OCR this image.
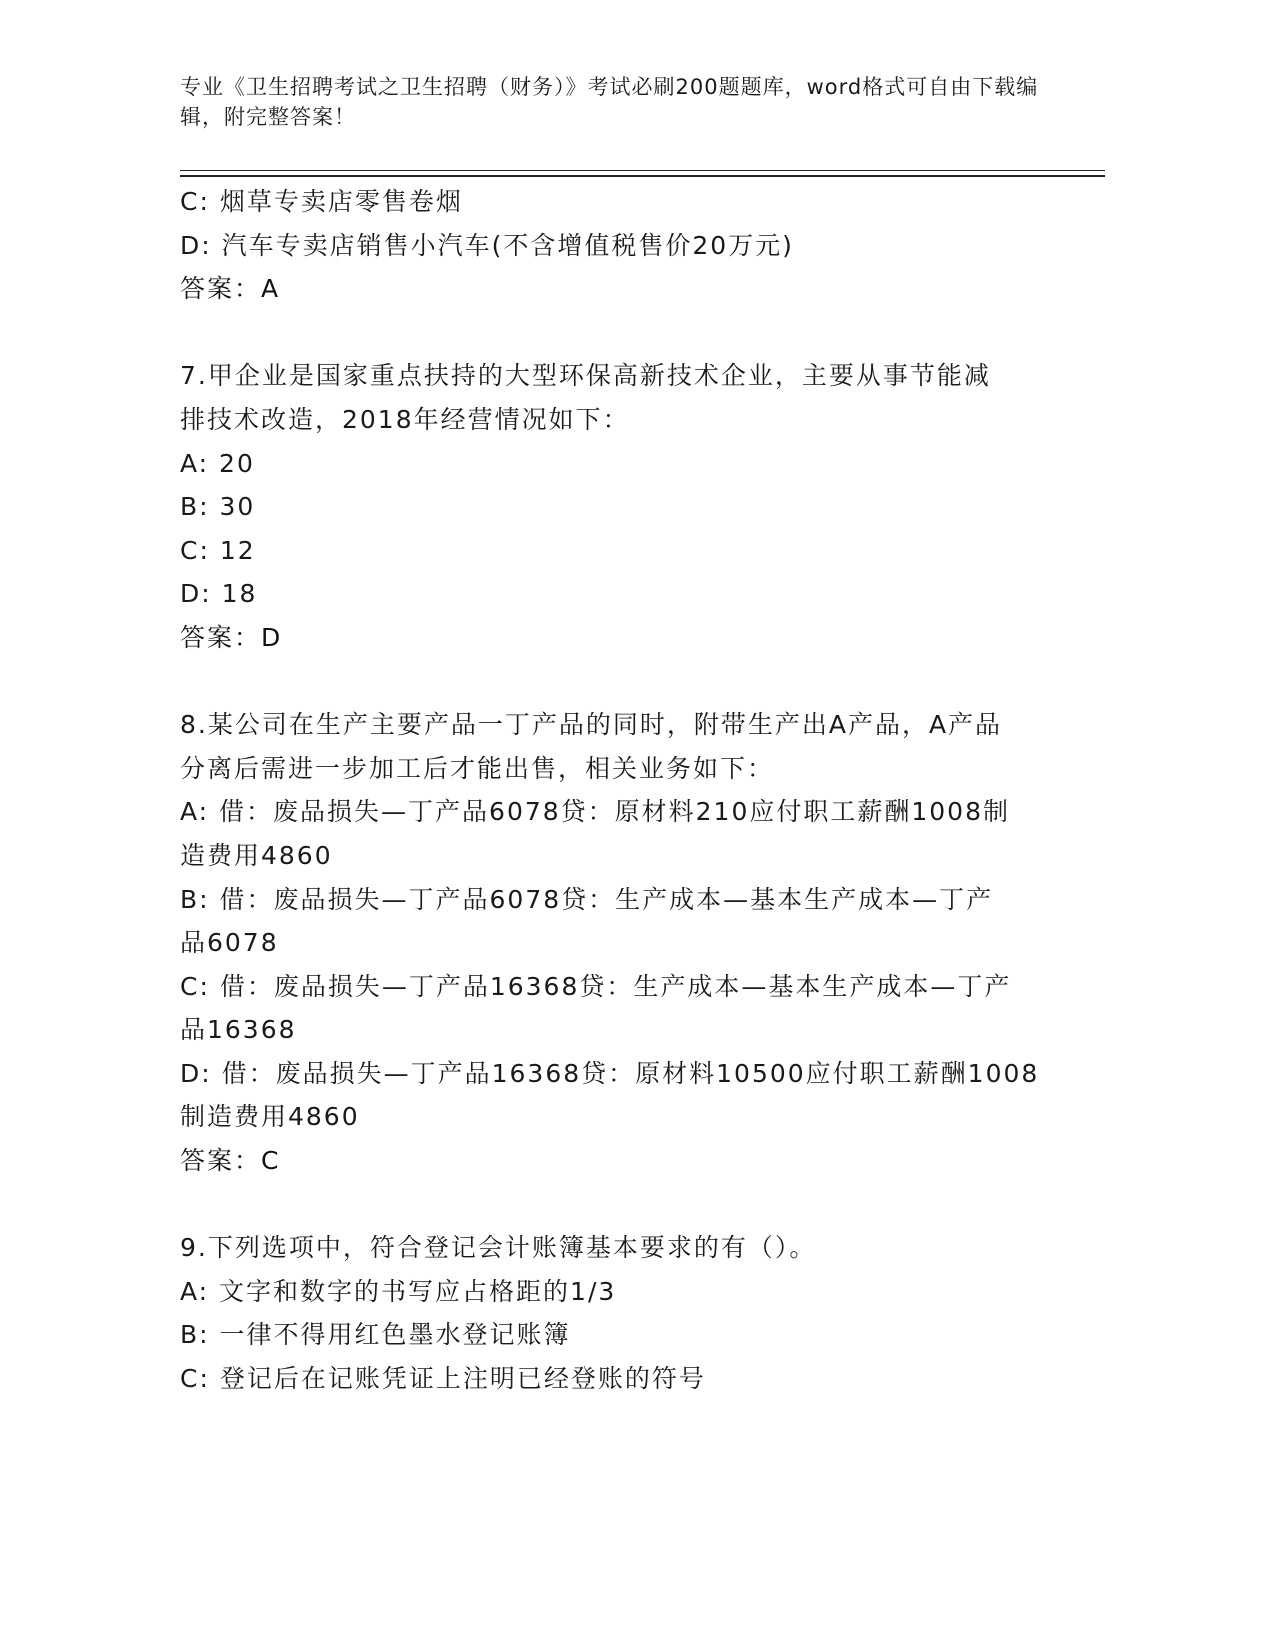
专业《卫生招聘考试之卫生招聘（财务）》考试必刷200题题库，word格式可自由下载编辑，附完整答案！
C: 烟草专卖店零售卷烟
D: 汽车专卖店销售小汽车(不含增值税售价20万元)
答案：A
7.甲企业是国家重点扶持的大型环保高新技术企业，主要从事节能减
排技术改造，2018年经营情况如下：
A: 20
B: 30
C: 12
D: 18
答案：D
8.某公司在生产主要产品一丁产品的同时，附带生产出A产品，A产品
分离后需进一步加工后才能出售，相关业务如下：
A: 借：废品损失—丁产品6078贷：原材料210应付职工薪酬1008制
造费用4860
B: 借：废品损失—丁产品6078贷：生产成本—基本生产成本—丁产
品6078
C: 借：废品损失—丁产品16368贷：生产成本—基本生产成本—丁产
品16368
D: 借：废品损失—丁产品16368贷：原材料10500应付职工薪酬1008
制造费用4860
答案：C
9.下列选项中，符合登记会计账簿基本要求的有（）。
A: 文字和数字的书写应占格距的1/3
B: 一律不得用红色墨水登记账簿
C: 登记后在记账凭证上注明已经登账的符号
